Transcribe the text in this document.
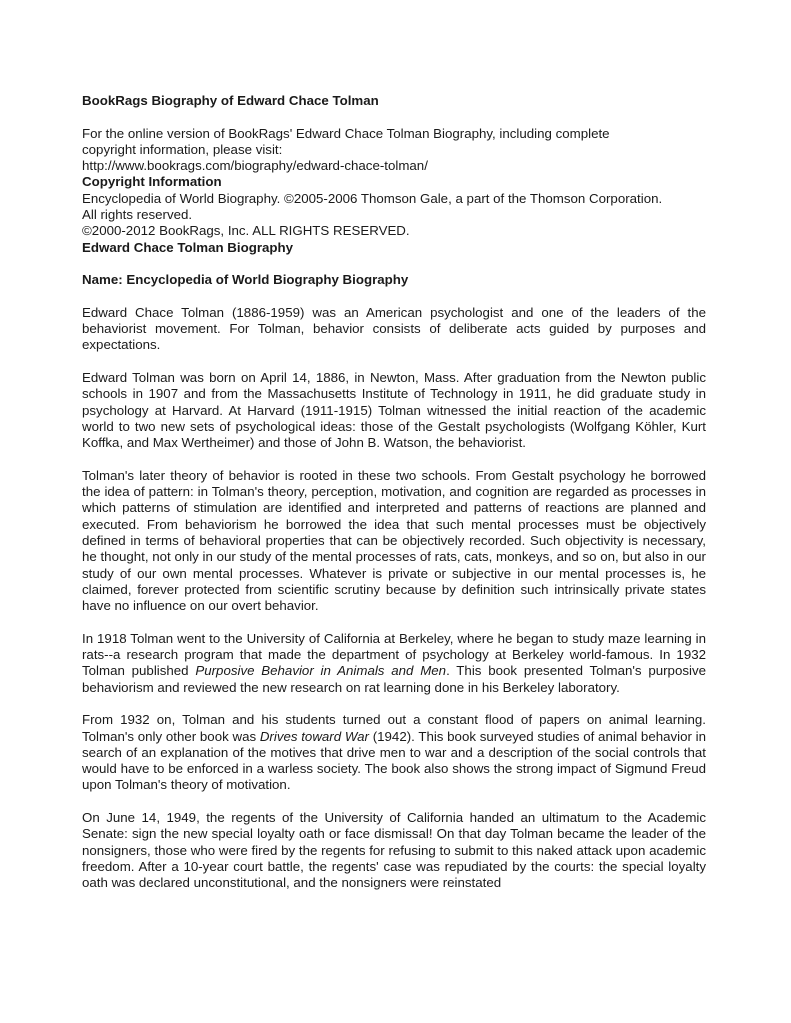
BookRags Biography of Edward Chace Tolman
For the online version of BookRags' Edward Chace Tolman Biography, including complete
copyright information, please visit:
http://www.bookrags.com/biography/edward-chace-tolman/
Copyright Information
Encyclopedia of World Biography. ©2005-2006 Thomson Gale, a part of the Thomson Corporation.
All rights reserved.
©2000-2012 BookRags, Inc. ALL RIGHTS RESERVED.
Edward Chace Tolman Biography
Name: Encyclopedia of World Biography Biography

Edward Chace Tolman (1886-1959) was an American psychologist and one of the leaders of the behaviorist movement. For Tolman, behavior consists of deliberate acts guided by purposes and expectations.

Edward Tolman was born on April 14, 1886, in Newton, Mass. After graduation from the Newton public schools in 1907 and from the Massachusetts Institute of Technology in 1911, he did graduate study in psychology at Harvard. At Harvard (1911-1915) Tolman witnessed the initial reaction of the academic world to two new sets of psychological ideas: those of the Gestalt psychologists (Wolfgang Köhler, Kurt Koffka, and Max Wertheimer) and those of John B. Watson, the behaviorist.

Tolman's later theory of behavior is rooted in these two schools. From Gestalt psychology he borrowed the idea of pattern: in Tolman's theory, perception, motivation, and cognition are regarded as processes in which patterns of stimulation are identified and interpreted and patterns of reactions are planned and executed. From behaviorism he borrowed the idea that such mental processes must be objectively defined in terms of behavioral properties that can be objectively recorded. Such objectivity is necessary, he thought, not only in our study of the mental processes of rats, cats, monkeys, and so on, but also in our study of our own mental processes. Whatever is private or subjective in our mental processes is, he claimed, forever protected from scientific scrutiny because by definition such intrinsically private states have no influence on our overt behavior.

In 1918 Tolman went to the University of California at Berkeley, where he began to study maze learning in rats--a research program that made the department of psychology at Berkeley world-famous. In 1932 Tolman published Purposive Behavior in Animals and Men. This book presented Tolman's purposive behaviorism and reviewed the new research on rat learning done in his Berkeley laboratory.

From 1932 on, Tolman and his students turned out a constant flood of papers on animal learning. Tolman's only other book was Drives toward War (1942). This book surveyed studies of animal behavior in search of an explanation of the motives that drive men to war and a description of the social controls that would have to be enforced in a warless society. The book also shows the strong impact of Sigmund Freud upon Tolman's theory of motivation.

On June 14, 1949, the regents of the University of California handed an ultimatum to the Academic Senate: sign the new special loyalty oath or face dismissal! On that day Tolman became the leader of the nonsigners, those who were fired by the regents for refusing to submit to this naked attack upon academic freedom. After a 10-year court battle, the regents' case was repudiated by the courts: the special loyalty oath was declared unconstitutional, and the nonsigners were reinstated
